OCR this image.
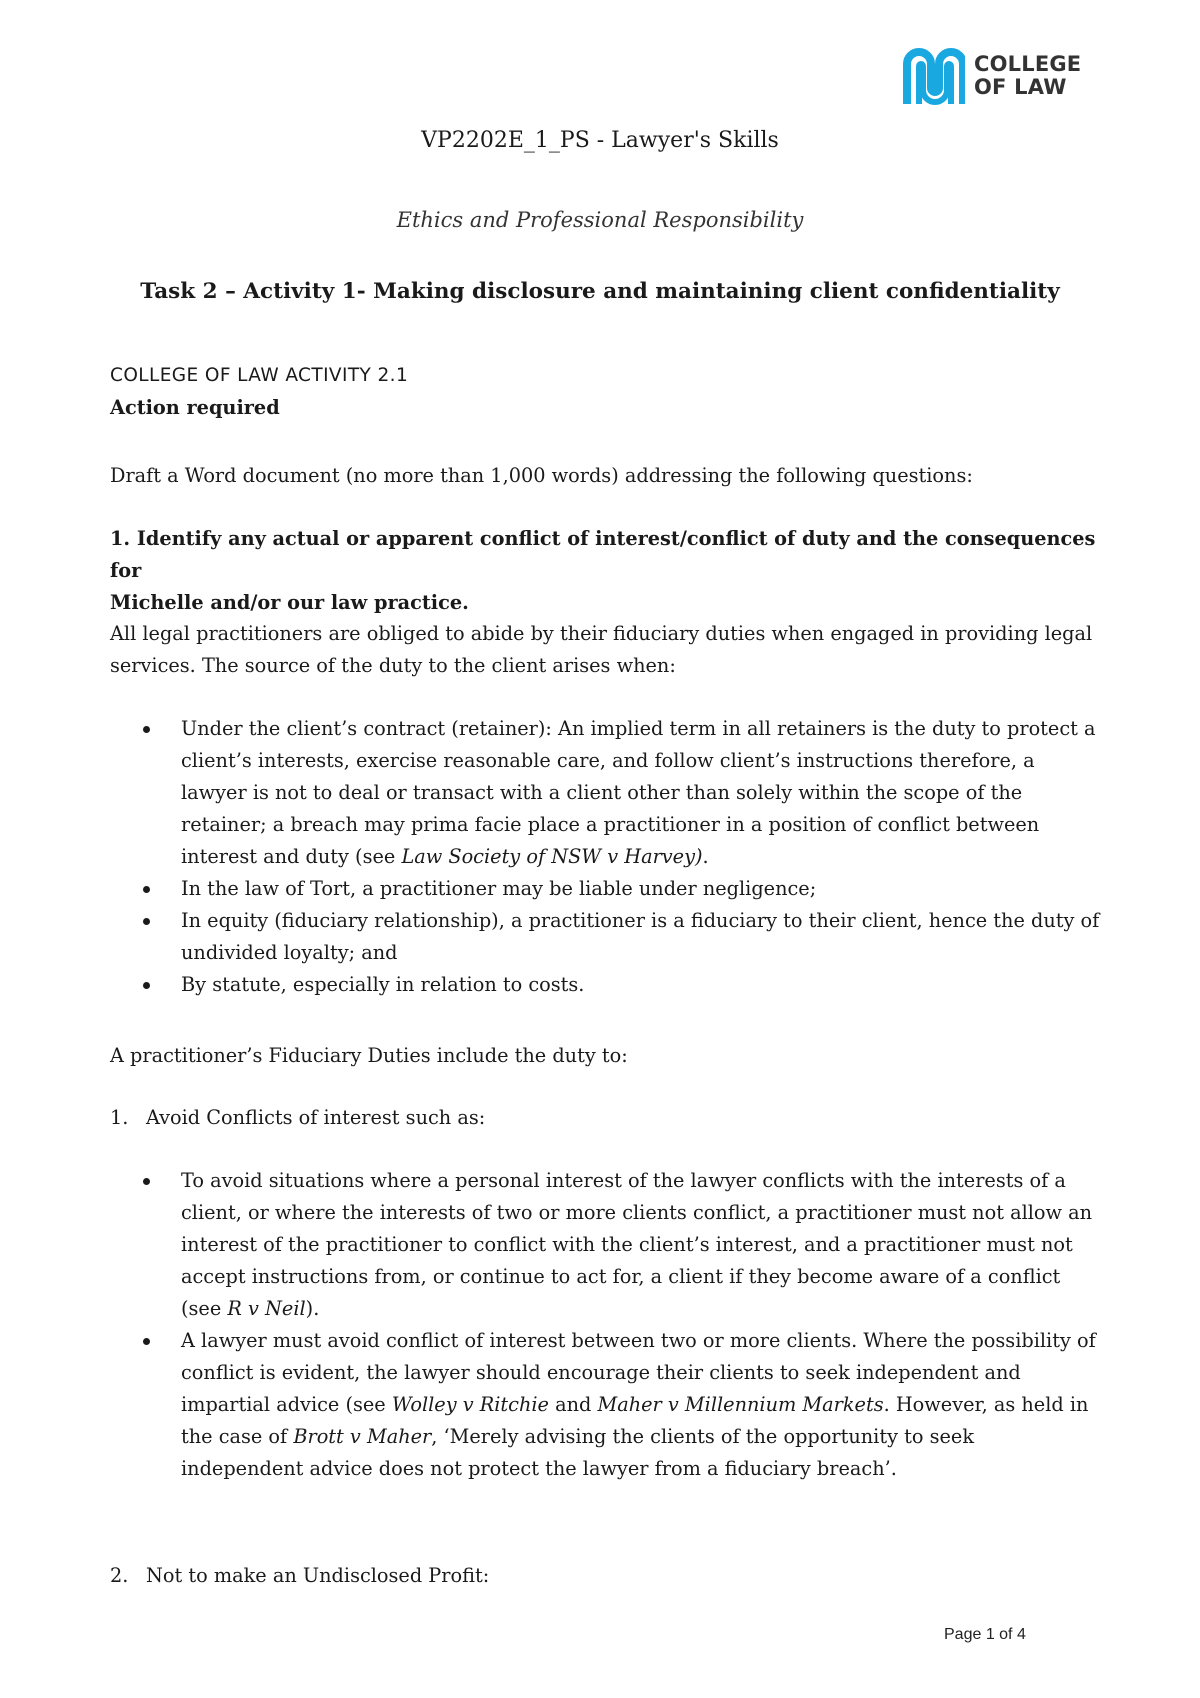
COLLEGE
OF LAW
VP2202E_1_PS - Lawyer's Skills
Ethics and Professional Responsibility
Task 2 – Activity 1- Making disclosure and maintaining client confidentiality
COLLEGE OF LAW ACTIVITY 2.1
Action required
Draft a Word document (no more than 1,000 words) addressing the following questions:

1. Identify any actual or apparent conflict of interest/conflict of duty and the consequences for

Michelle and/or our law practice.

All legal practitioners are obliged to abide by their fiduciary duties when engaged in providing legal

services. The source of the duty to the client arises when:

Under the client’s contract (retainer): An implied term in all retainers is the duty to protect a client’s interests, exercise reasonable care, and follow client’s instructions therefore, a lawyer is not to deal or transact with a client other than solely within the scope of the retainer; a breach may prima facie place a practitioner in a position of conflict between interest and duty (see Law Society of NSW v Harvey).
In the law of Tort, a practitioner may be liable under negligence;
In equity (fiduciary relationship), a practitioner is a fiduciary to their client, hence the duty of undivided loyalty; and
By statute, especially in relation to costs.
A practitioner’s Fiduciary Duties include the duty to:
1. Avoid Conflicts of interest such as:
To avoid situations where a personal interest of the lawyer conflicts with the interests of a client, or where the interests of two or more clients conflict, a practitioner must not allow an interest of the practitioner to conflict with the client’s interest, and a practitioner must not accept instructions from, or continue to act for, a client if they become aware of a conflict (see R v Neil).
A lawyer must avoid conflict of interest between two or more clients. Where the possibility of conflict is evident, the lawyer should encourage their clients to seek independent and impartial advice (see Wolley v Ritchie and Maher v Millennium Markets. However, as held in the case of Brott v Maher, ‘Merely advising the clients of the opportunity to seek independent advice does not protect the lawyer from a fiduciary breach’.
2. Not to make an Undisclosed Profit:
Page 1 of 4
